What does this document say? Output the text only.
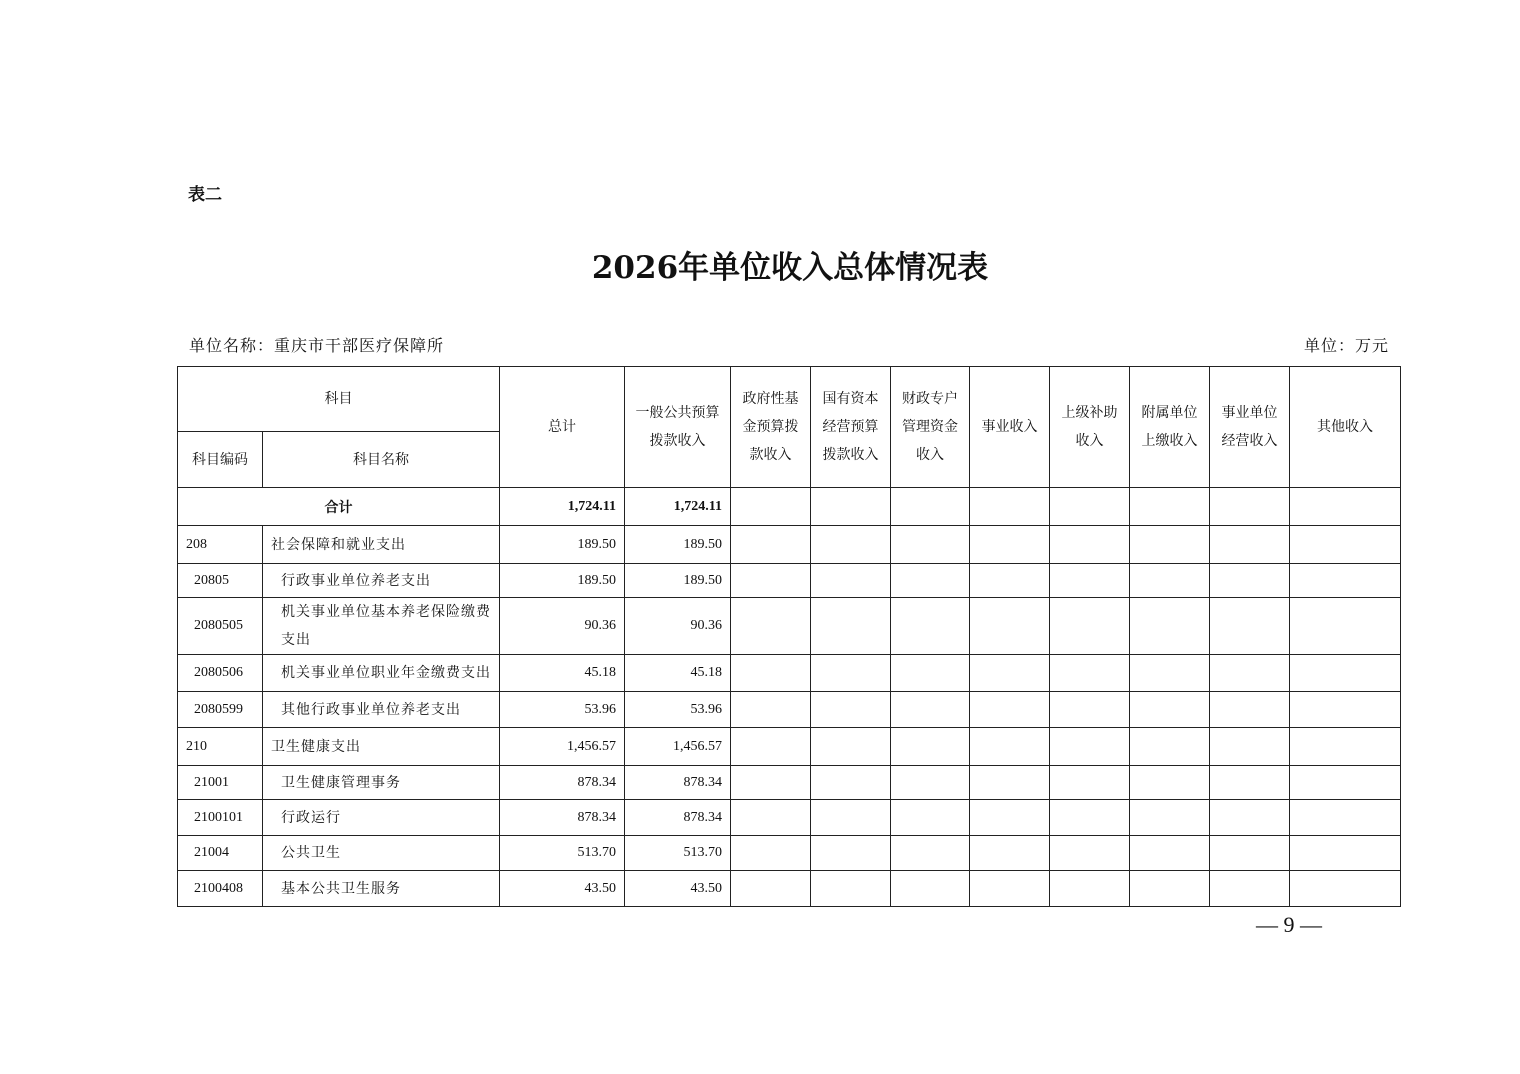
表二
2026年单位收入总体情况表
单位名称：重庆市干部医疗保障所	单位：万元
科目		总计	一般公共预算拨款收入	政府性基金预算拨款收入	国有资本经营预算拨款收入	财政专户管理资金收入	事业收入	上级补助收入	附属单位上缴收入	事业单位经营收入	其他收入
科目编码	科目名称										
合计		1,724.11	1,724.11								
208	社会保障和就业支出	189.50	189.50								
20805	行政事业单位养老支出	189.50	189.50								
2080505	机关事业单位基本养老保险缴费支出	90.36	90.36								
2080506	机关事业单位职业年金缴费支出	45.18	45.18								
2080599	其他行政事业单位养老支出	53.96	53.96								
210	卫生健康支出	1,456.57	1,456.57								
21001	卫生健康管理事务	878.34	878.34								
2100101	行政运行	878.34	878.34								
21004	公共卫生	513.70	513.70								
2100408	基本公共卫生服务	43.50	43.50								
— 9 —
